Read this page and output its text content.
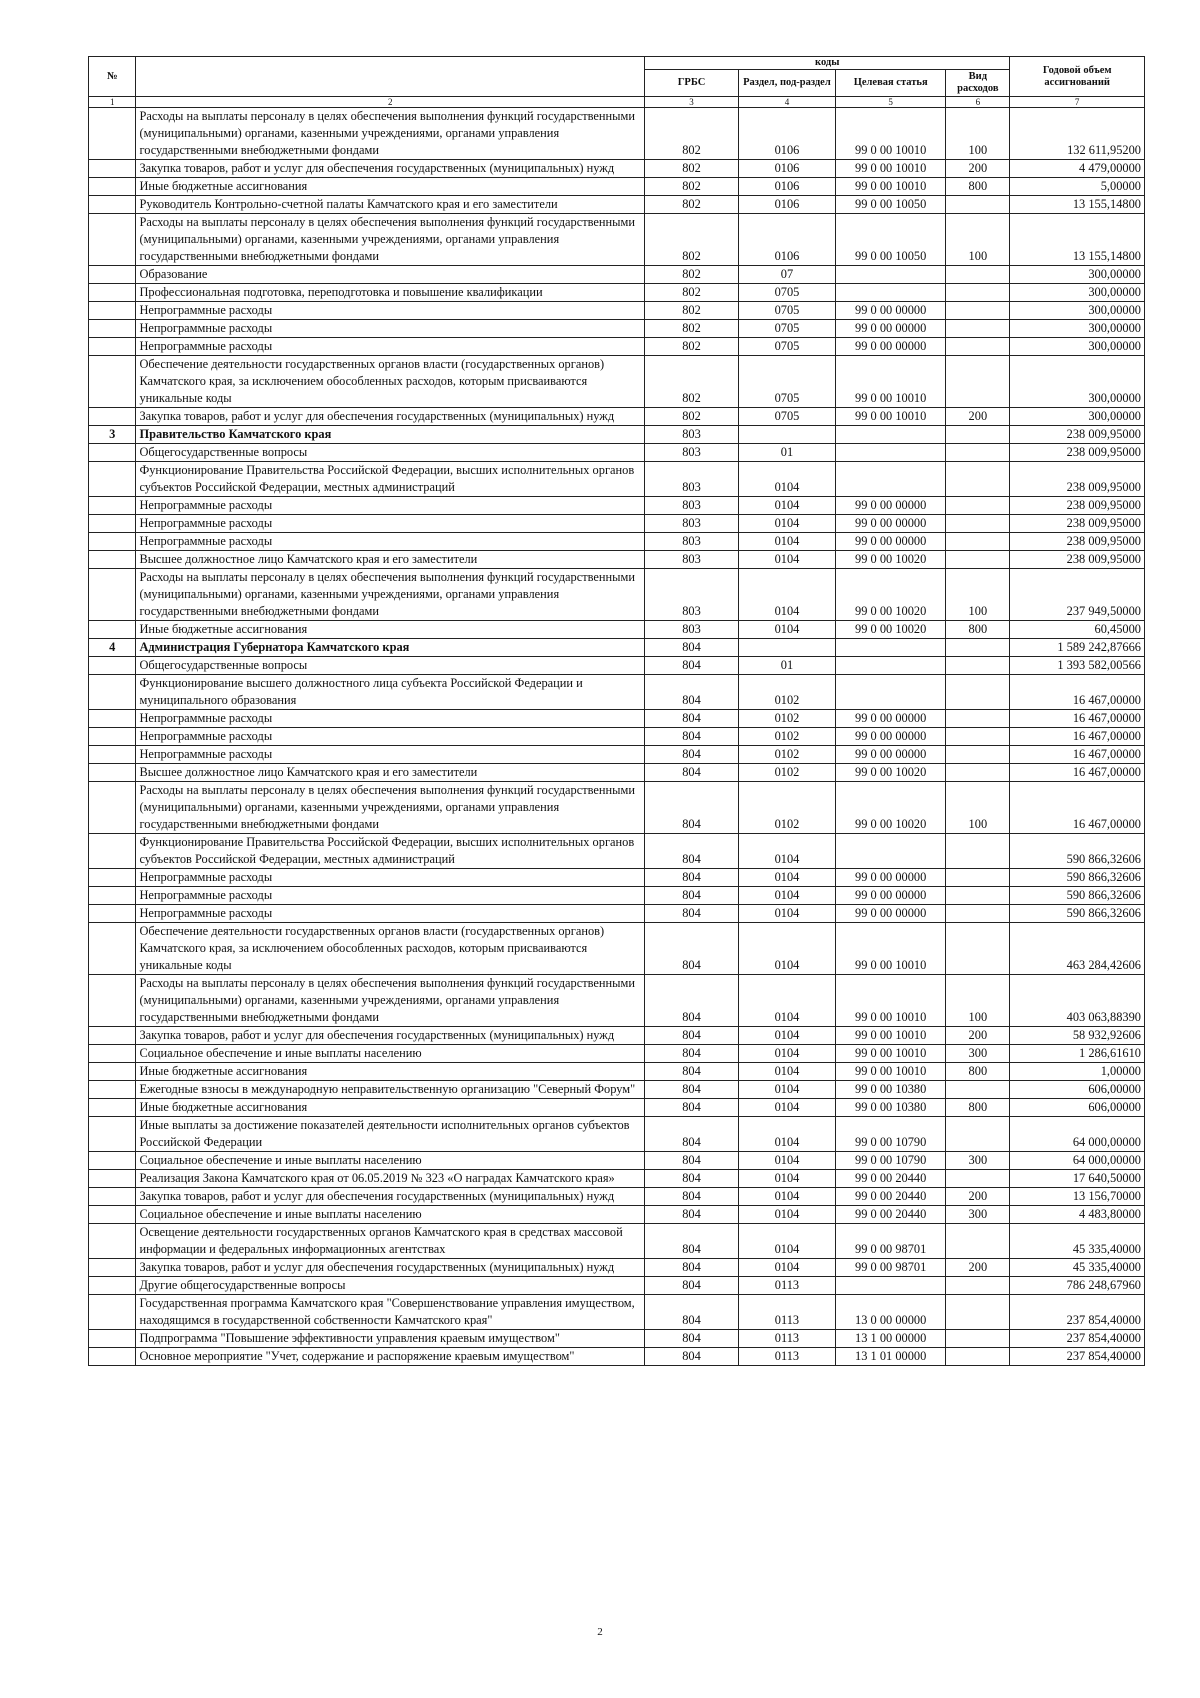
№		коды				Годовой объем ассигнований
		ГРБС	Раздел, под-раздел	Целевая статья	Вид расходов	
1	2	3	4	5	6	7
	Расходы на выплаты персоналу в целях обеспечения выполнения функций государственными (муниципальными) органами, казенными учреждениями, органами управления государственными внебюджетными фондами	802	0106	99 0 00 10010	100	132 611,95200
	Закупка товаров, работ и услуг для обеспечения государственных (муниципальных) нужд	802	0106	99 0 00 10010	200	4 479,00000
	Иные бюджетные ассигнования	802	0106	99 0 00 10010	800	5,00000
	Руководитель Контрольно-счетной палаты Камчатского края и его заместители	802	0106	99 0 00 10050		13 155,14800
	Расходы на выплаты персоналу в целях обеспечения выполнения функций государственными (муниципальными) органами, казенными учреждениями, органами управления государственными внебюджетными фондами	802	0106	99 0 00 10050	100	13 155,14800
	Образование	802	07			300,00000
	Профессиональная подготовка, переподготовка и повышение квалификации	802	0705			300,00000
	Непрограммные расходы	802	0705	99 0 00 00000		300,00000
	Непрограммные расходы	802	0705	99 0 00 00000		300,00000
	Непрограммные расходы	802	0705	99 0 00 00000		300,00000
	Обеспечение деятельности государственных органов власти (государственных органов) Камчатского края, за исключением обособленных расходов, которым присваиваются уникальные коды	802	0705	99 0 00 10010		300,00000
	Закупка товаров, работ и услуг для обеспечения государственных (муниципальных) нужд	802	0705	99 0 00 10010	200	300,00000
3	Правительство Камчатского края	803				238 009,95000
	Общегосударственные вопросы	803	01			238 009,95000
	Функционирование Правительства Российской Федерации, высших исполнительных органов субъектов Российской Федерации, местных администраций	803	0104			238 009,95000
	Непрограммные расходы	803	0104	99 0 00 00000		238 009,95000
	Непрограммные расходы	803	0104	99 0 00 00000		238 009,95000
	Непрограммные расходы	803	0104	99 0 00 00000		238 009,95000
	Высшее должностное лицо Камчатского края и его заместители	803	0104	99 0 00 10020		238 009,95000
	Расходы на выплаты персоналу в целях обеспечения выполнения функций государственными (муниципальными) органами, казенными учреждениями, органами управления государственными внебюджетными фондами	803	0104	99 0 00 10020	100	237 949,50000
	Иные бюджетные ассигнования	803	0104	99 0 00 10020	800	60,45000
4	Администрация Губернатора Камчатского края	804				1 589 242,87666
	Общегосударственные вопросы	804	01			1 393 582,00566
	Функционирование высшего должностного лица субъекта Российской Федерации и муниципального образования	804	0102			16 467,00000
	Непрограммные расходы	804	0102	99 0 00 00000		16 467,00000
	Непрограммные расходы	804	0102	99 0 00 00000		16 467,00000
	Непрограммные расходы	804	0102	99 0 00 00000		16 467,00000
	Высшее должностное лицо Камчатского края и его заместители	804	0102	99 0 00 10020		16 467,00000
	Расходы на выплаты персоналу в целях обеспечения выполнения функций государственными (муниципальными) органами, казенными учреждениями, органами управления государственными внебюджетными фондами	804	0102	99 0 00 10020	100	16 467,00000
	Функционирование Правительства Российской Федерации, высших исполнительных органов субъектов Российской Федерации, местных администраций	804	0104			590 866,32606
	Непрограммные расходы	804	0104	99 0 00 00000		590 866,32606
	Непрограммные расходы	804	0104	99 0 00 00000		590 866,32606
	Непрограммные расходы	804	0104	99 0 00 00000		590 866,32606
	Обеспечение деятельности государственных органов власти (государственных органов) Камчатского края, за исключением обособленных расходов, которым присваиваются уникальные коды	804	0104	99 0 00 10010		463 284,42606
	Расходы на выплаты персоналу в целях обеспечения выполнения функций государственными (муниципальными) органами, казенными учреждениями, органами управления государственными внебюджетными фондами	804	0104	99 0 00 10010	100	403 063,88390
	Закупка товаров, работ и услуг для обеспечения государственных (муниципальных) нужд	804	0104	99 0 00 10010	200	58 932,92606
	Социальное обеспечение и иные выплаты населению	804	0104	99 0 00 10010	300	1 286,61610
	Иные бюджетные ассигнования	804	0104	99 0 00 10010	800	1,00000
	Ежегодные взносы в международную неправительственную организацию "Северный Форум"	804	0104	99 0 00 10380		606,00000
	Иные бюджетные ассигнования	804	0104	99 0 00 10380	800	606,00000
	Иные выплаты за достижение показателей деятельности исполнительных органов субъектов Российской Федерации	804	0104	99 0 00 10790		64 000,00000
	Социальное обеспечение и иные выплаты населению	804	0104	99 0 00 10790	300	64 000,00000
	Реализация Закона Камчатского края от 06.05.2019 № 323 «О наградах Камчатского края»	804	0104	99 0 00 20440		17 640,50000
	Закупка товаров, работ и услуг для обеспечения государственных (муниципальных) нужд	804	0104	99 0 00 20440	200	13 156,70000
	Социальное обеспечение и иные выплаты населению	804	0104	99 0 00 20440	300	4 483,80000
	Освещение деятельности государственных органов Камчатского края в средствах массовой информации и федеральных информационных агентствах	804	0104	99 0 00 98701		45 335,40000
	Закупка товаров, работ и услуг для обеспечения государственных (муниципальных) нужд	804	0104	99 0 00 98701	200	45 335,40000
	Другие общегосударственные вопросы	804	0113			786 248,67960
	Государственная программа Камчатского края "Совершенствование управления имуществом, находящимся в государственной собственности Камчатского края"	804	0113	13 0 00 00000		237 854,40000
	Подпрограмма "Повышение эффективности управления краевым имуществом"	804	0113	13 1 00 00000		237 854,40000
	Основное мероприятие "Учет, содержание и распоряжение краевым имуществом"	804	0113	13 1 01 00000		237 854,40000
2
